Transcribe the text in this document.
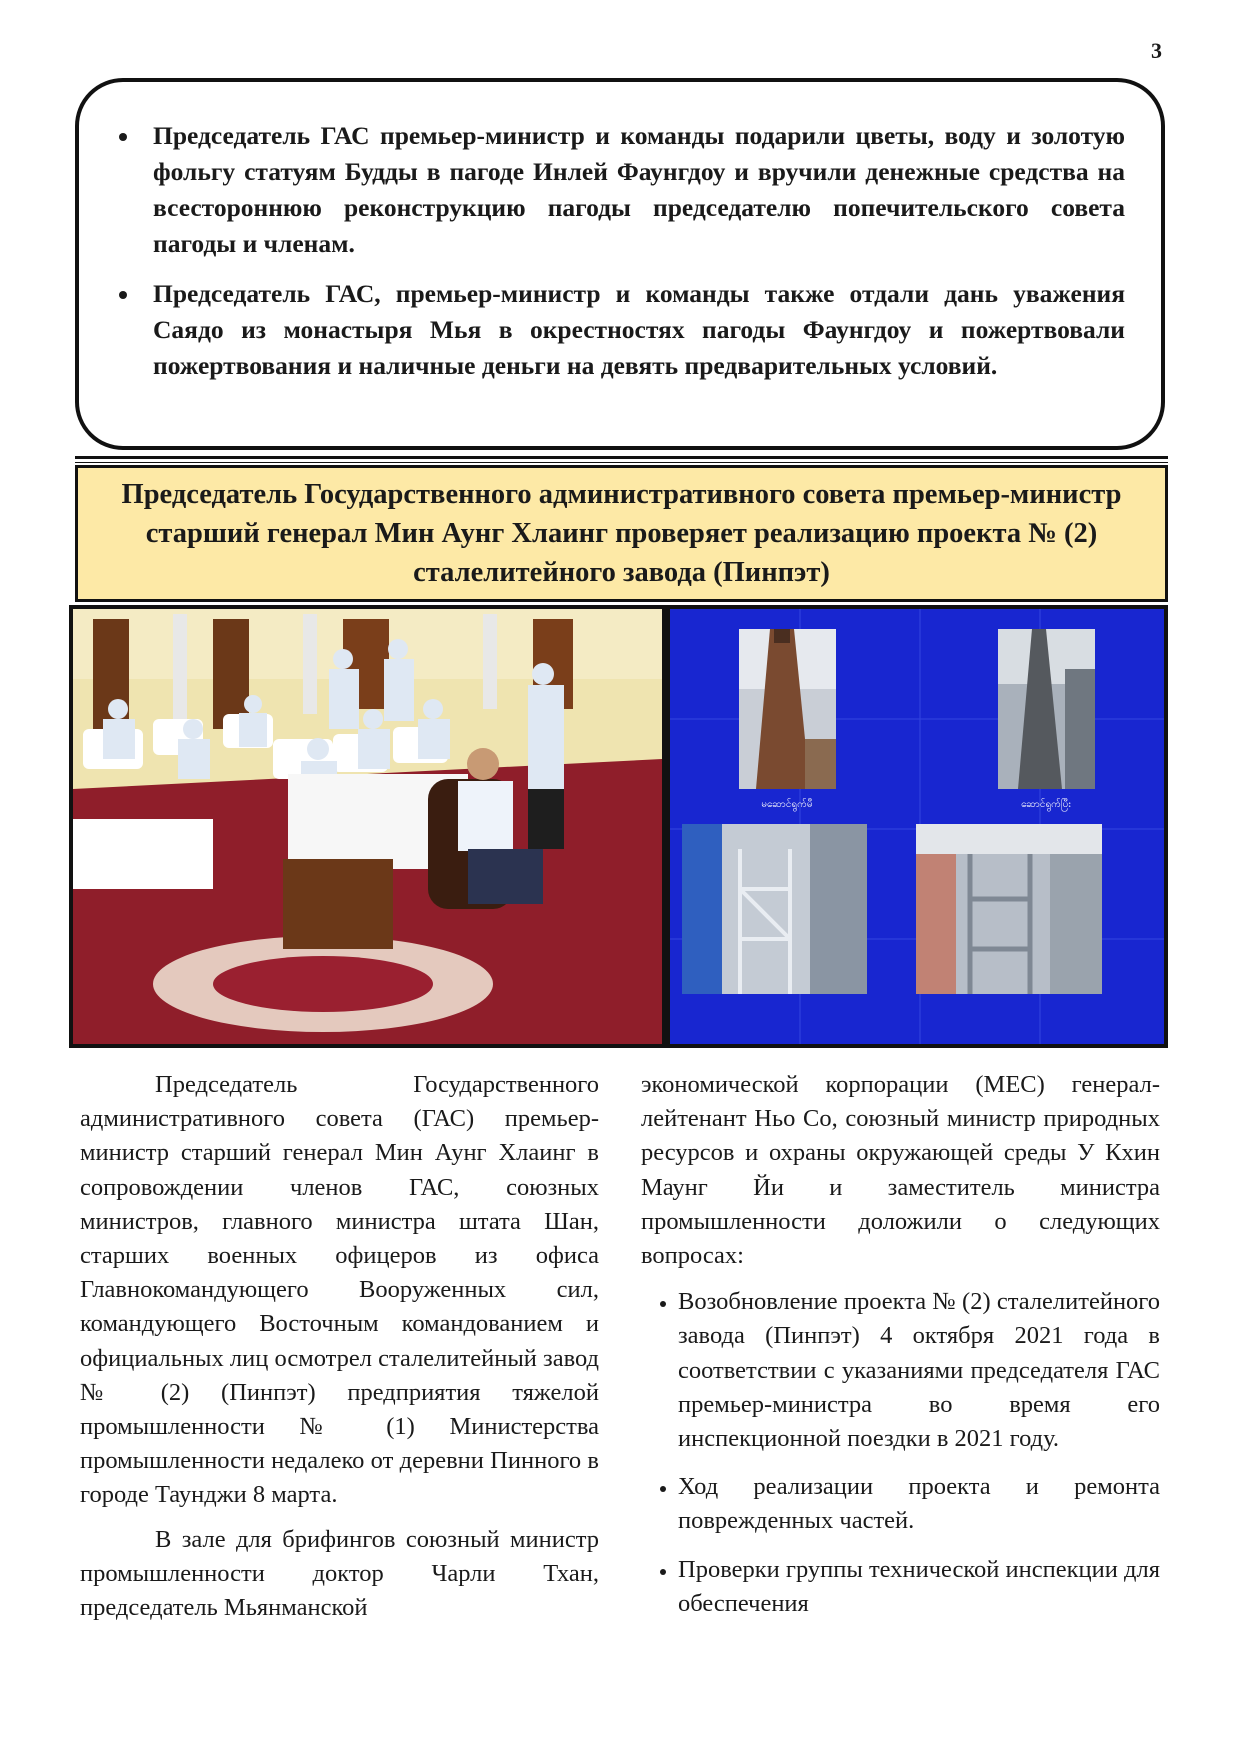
3
• Председатель ГАС премьер-министр и команды подарили цветы, воду и золотую фольгу статуям Будды в пагоде Инлей Фаунгдоу и вручили денежные средства на всестороннюю реконструкцию пагоды председателю попечительского совета пагоды и членам.
• Председатель ГАС, премьер-министр и команды также отдали дань уважения Саядо из монастыря Мья в окрестностях пагоды Фаунгдоу и пожертвовали пожертвования и наличные деньги на девять предварительных условий.
Председатель Государственного административного совета премьер-министр старший генерал Мин Аунг Хлаинг проверяет реализацию проекта № (2) сталелитейного завода (Пинпэт)
မဆောင်ရွက်မီ	ဆောင်ရွက်ပြီး

Председатель Государственного административного совета (ГАС) премьер-министр старший генерал Мин Аунг Хлаинг в сопровождении членов ГАС, союзных министров, главного министра штата Шан, старших военных офицеров из офиса Главнокомандующего Вооруженных сил, командующего Восточным командованием и официальных лиц осмотрел сталелитейный завод № (2) (Пинпэт) предприятия тяжелой промышленности № (1) Министерства промышленности недалеко от деревни Пинного в городе Таунджи 8 марта.

В зале для брифингов союзный министр промышленности доктор Чарли Тхан, председатель Мьянманской

экономической корпорации (МЕС) генерал-лейтенант Ньо Со, союзный министр природных ресурсов и охраны окружающей среды У Кхин Маунг Йи и заместитель министра промышленности доложили о следующих вопросах:

• Возобновление проекта № (2) сталелитейного завода (Пинпэт) 4 октября 2021 года в соответствии с указаниями председателя ГАС премьер-министра во время его инспекционной поездки в 2021 году.
• Ход реализации проекта и ремонта поврежденных частей.
• Проверки группы технической инспекции для обеспечения
